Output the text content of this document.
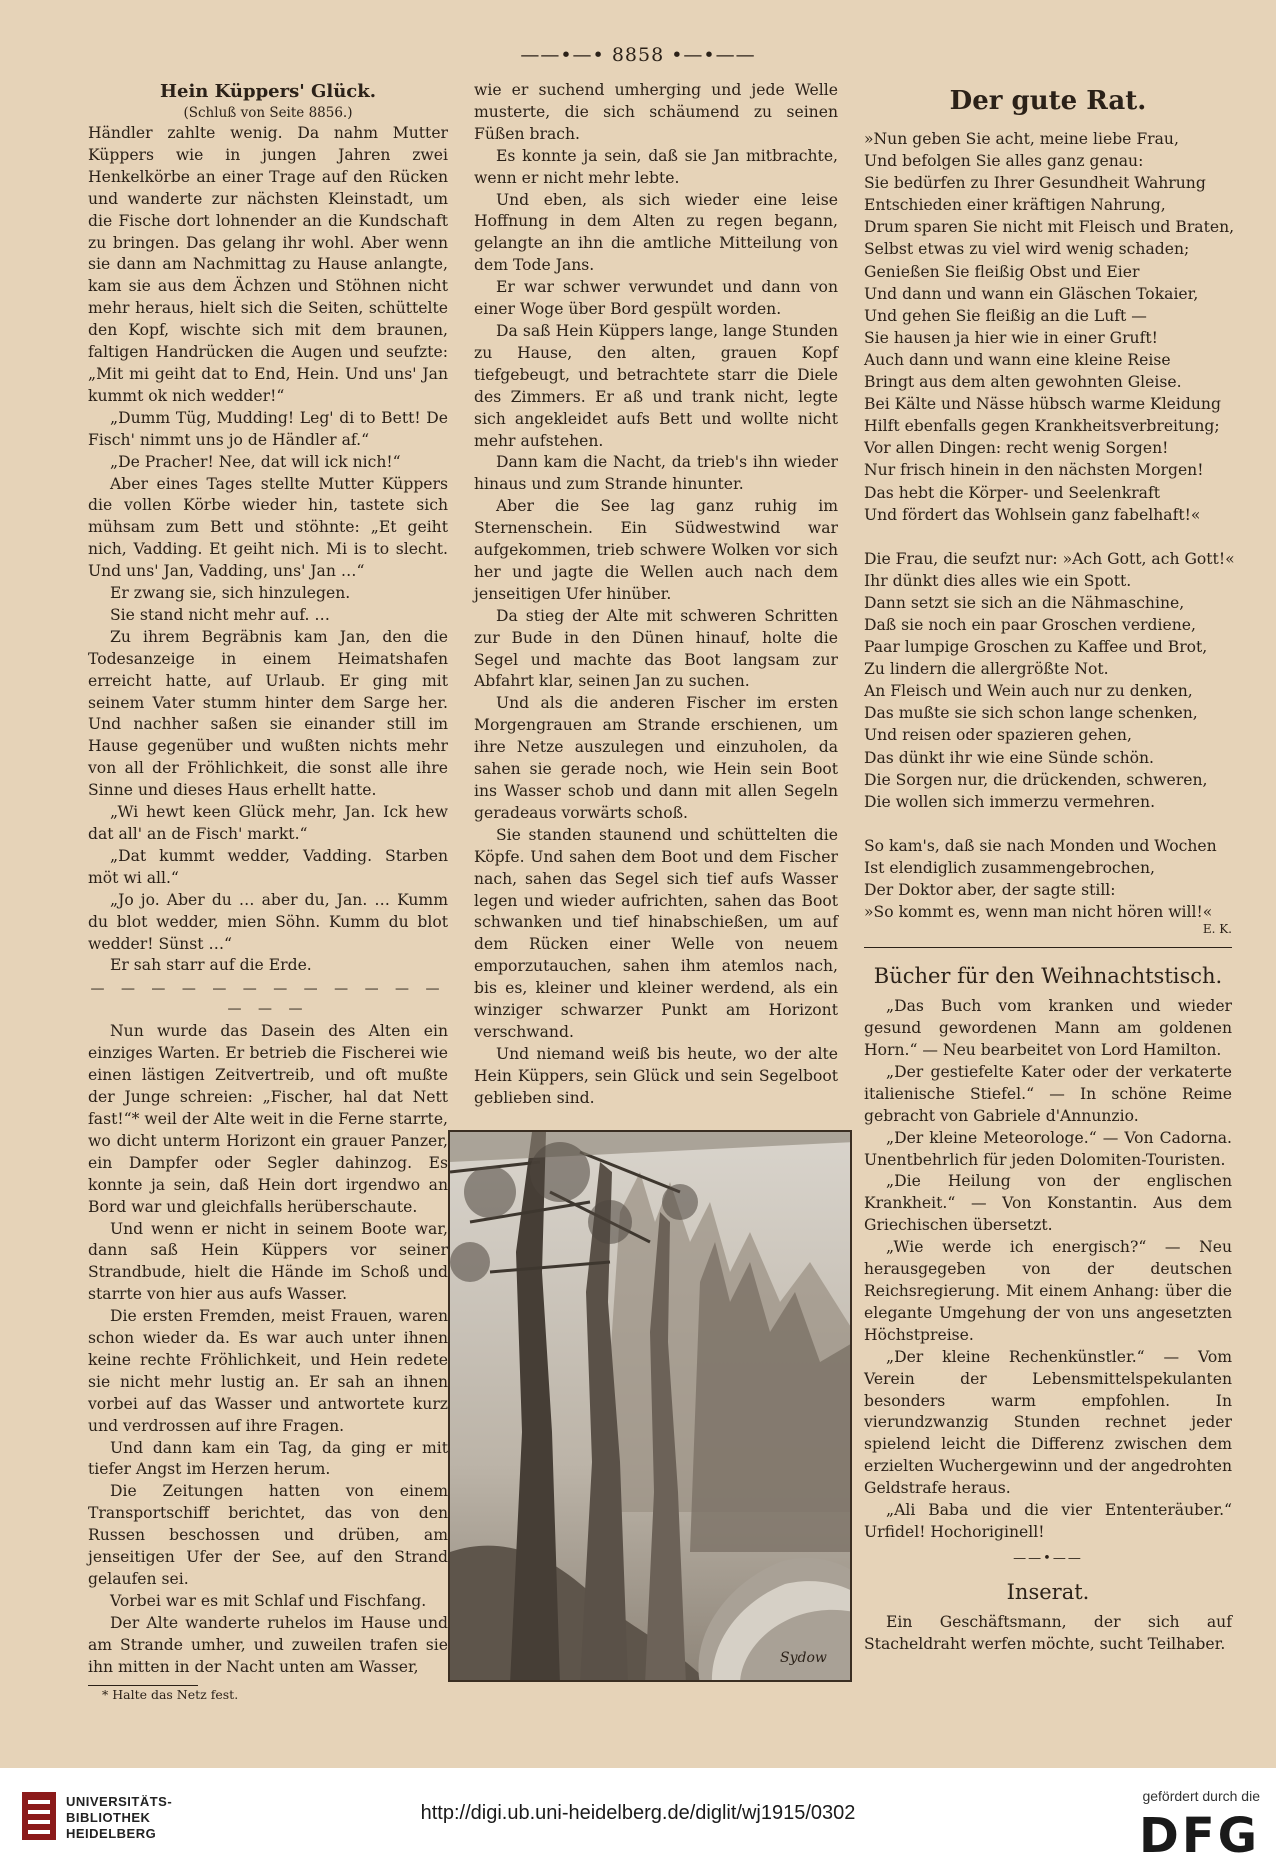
——•—• 8858 •—•——
Hein Küppers' Glück.
(Schluß von Seite 8856.)

Händler zahlte wenig. Da nahm Mutter Küppers wie in jungen Jahren zwei Henkelkörbe an einer Trage auf den Rücken und wanderte zur nächsten Kleinstadt, um die Fische dort lohnender an die Kundschaft zu bringen. Das gelang ihr wohl. Aber wenn sie dann am Nachmittag zu Hause anlangte, kam sie aus dem Ächzen und Stöhnen nicht mehr heraus, hielt sich die Seiten, schüttelte den Kopf, wischte sich mit dem braunen, faltigen Handrücken die Augen und seufzte: „Mit mi geiht dat to End, Hein. Und uns' Jan kummt ok nich wedder!“

„Dumm Tüg, Mudding! Leg' di to Bett! De Fisch' nimmt uns jo de Händler af.“

„De Pracher! Nee, dat will ick nich!“

Aber eines Tages stellte Mutter Küppers die vollen Körbe wieder hin, tastete sich mühsam zum Bett und stöhnte: „Et geiht nich, Vadding. Et geiht nich. Mi is to slecht. Und uns' Jan, Vadding, uns' Jan …“

Er zwang sie, sich hinzulegen.

Sie stand nicht mehr auf. …

Zu ihrem Begräbnis kam Jan, den die Todesanzeige in einem Heimatshafen erreicht hatte, auf Urlaub. Er ging mit seinem Vater stumm hinter dem Sarge her. Und nachher saßen sie einander still im Hause gegenüber und wußten nichts mehr von all der Fröhlichkeit, die sonst alle ihre Sinne und dieses Haus erhellt hatte.

„Wi hewt keen Glück mehr, Jan. Ick hew dat all' an de Fisch' markt.“

„Dat kummt wedder, Vadding. Starben möt wi all.“

„Jo jo. Aber du … aber du, Jan. … Kumm du blot wedder, mien Söhn. Kumm du blot wedder! Sünst …“

Er sah starr auf die Erde.

— — — — — — — — — — — — — — —

Nun wurde das Dasein des Alten ein einziges Warten. Er betrieb die Fischerei wie einen lästigen Zeitvertreib, und oft mußte der Junge schreien: „Fischer, hal dat Nett fast!“* weil der Alte weit in die Ferne starrte, wo dicht unterm Horizont ein grauer Panzer, ein Dampfer oder Segler dahinzog. Es konnte ja sein, daß Hein dort irgendwo an Bord war und gleichfalls herüberschaute.

Und wenn er nicht in seinem Boote war, dann saß Hein Küppers vor seiner Strandbude, hielt die Hände im Schoß und starrte von hier aus aufs Wasser.

Die ersten Fremden, meist Frauen, waren schon wieder da. Es war auch unter ihnen keine rechte Fröhlichkeit, und Hein redete sie nicht mehr lustig an. Er sah an ihnen vorbei auf das Wasser und antwortete kurz und verdrossen auf ihre Fragen.

Und dann kam ein Tag, da ging er mit tiefer Angst im Herzen herum.

Die Zeitungen hatten von einem Transportschiff berichtet, das von den Russen beschossen und drüben, am jenseitigen Ufer der See, auf den Strand gelaufen sei.

Vorbei war es mit Schlaf und Fischfang.

Der Alte wanderte ruhelos im Hause und am Strande umher, und zuweilen trafen sie ihn mitten in der Nacht unten am Wasser,

* Halte das Netz fest.

wie er suchend umherging und jede Welle musterte, die sich schäumend zu seinen Füßen brach.

Es konnte ja sein, daß sie Jan mitbrachte, wenn er nicht mehr lebte.

Und eben, als sich wieder eine leise Hoffnung in dem Alten zu regen begann, gelangte an ihn die amtliche Mitteilung von dem Tode Jans.

Er war schwer verwundet und dann von einer Woge über Bord gespült worden.

Da saß Hein Küppers lange, lange Stunden zu Hause, den alten, grauen Kopf tiefgebeugt, und betrachtete starr die Diele des Zimmers. Er aß und trank nicht, legte sich angekleidet aufs Bett und wollte nicht mehr aufstehen.

Dann kam die Nacht, da trieb's ihn wieder hinaus und zum Strande hinunter.

Aber die See lag ganz ruhig im Sternenschein. Ein Südwestwind war aufgekommen, trieb schwere Wolken vor sich her und jagte die Wellen auch nach dem jenseitigen Ufer hinüber.

Da stieg der Alte mit schweren Schritten zur Bude in den Dünen hinauf, holte die Segel und machte das Boot langsam zur Abfahrt klar, seinen Jan zu suchen.

Und als die anderen Fischer im ersten Morgengrauen am Strande erschienen, um ihre Netze auszulegen und einzuholen, da sahen sie gerade noch, wie Hein sein Boot ins Wasser schob und dann mit allen Segeln geradeaus vorwärts schoß.

Sie standen staunend und schüttelten die Köpfe. Und sahen dem Boot und dem Fischer nach, sahen das Segel sich tief aufs Wasser legen und wieder aufrichten, sahen das Boot schwanken und tief hinabschießen, um auf dem Rücken einer Welle von neuem emporzutauchen, sahen ihm atemlos nach, bis es, kleiner und kleiner werdend, als ein winziger schwarzer Punkt am Horizont verschwand.

Und niemand weiß bis heute, wo der alte Hein Küppers, sein Glück und sein Segelboot geblieben sind.

Sydow
Der gute Rat.
»Nun geben Sie acht, meine liebe Frau,
Und befolgen Sie alles ganz genau:
Sie bedürfen zu Ihrer Gesundheit Wahrung
Entschieden einer kräftigen Nahrung,
Drum sparen Sie nicht mit Fleisch und Braten,
Selbst etwas zu viel wird wenig schaden;
Genießen Sie fleißig Obst und Eier
Und dann und wann ein Gläschen Tokaier,
Und gehen Sie fleißig an die Luft —
Sie hausen ja hier wie in einer Gruft!
Auch dann und wann eine kleine Reise
Bringt aus dem alten gewohnten Gleise.
Bei Kälte und Nässe hübsch warme Kleidung
Hilft ebenfalls gegen Krankheitsverbreitung;
Vor allen Dingen: recht wenig Sorgen!
Nur frisch hinein in den nächsten Morgen!
Das hebt die Körper- und Seelenkraft
Und fördert das Wohlsein ganz fabelhaft!«
Die Frau, die seufzt nur: »Ach Gott, ach Gott!«
Ihr dünkt dies alles wie ein Spott.
Dann setzt sie sich an die Nähmaschine,
Daß sie noch ein paar Groschen verdiene,
Paar lumpige Groschen zu Kaffee und Brot,
Zu lindern die allergrößte Not.
An Fleisch und Wein auch nur zu denken,
Das mußte sie sich schon lange schenken,
Und reisen oder spazieren gehen,
Das dünkt ihr wie eine Sünde schön.
Die Sorgen nur, die drückenden, schweren,
Die wollen sich immerzu vermehren.
So kam's, daß sie nach Monden und Wochen
Ist elendiglich zusammengebrochen,
Der Doktor aber, der sagte still:
»So kommt es, wenn man nicht hören will!«
E. K.
Bücher für den Weihnachtstisch.

„Das Buch vom kranken und wieder gesund gewordenen Mann am goldenen Horn.“ — Neu bearbeitet von Lord Hamilton.

„Der gestiefelte Kater oder der verkaterte italienische Stiefel.“ — In schöne Reime gebracht von Gabriele d'Annunzio.

„Der kleine Meteorologe.“ — Von Cadorna. Unentbehrlich für jeden Dolomiten-Touristen.

„Die Heilung von der englischen Krankheit.“ — Von Konstantin. Aus dem Griechischen übersetzt.

„Wie werde ich energisch?“ — Neu herausgegeben von der deutschen Reichsregierung. Mit einem Anhang: über die elegante Umgehung der von uns angesetzten Höchstpreise.

„Der kleine Rechenkünstler.“ — Vom Verein der Lebensmittelspekulanten besonders warm empfohlen. In vierundzwanzig Stunden rechnet jeder spielend leicht die Differenz zwischen dem erzielten Wuchergewinn und der angedrohten Geldstrafe heraus.

„Ali Baba und die vier Ententeräuber.“ Urfidel! Hochoriginell!

——•——
Inserat.

Ein Geschäftsmann, der sich auf Stacheldraht werfen möchte, sucht Teilhaber.

UNIVERSITÄTS-
BIBLIOTHEK
HEIDELBERG
http://digi.ub.uni-heidelberg.de/diglit/wj1915/0302
gefördert durch die
DFG
